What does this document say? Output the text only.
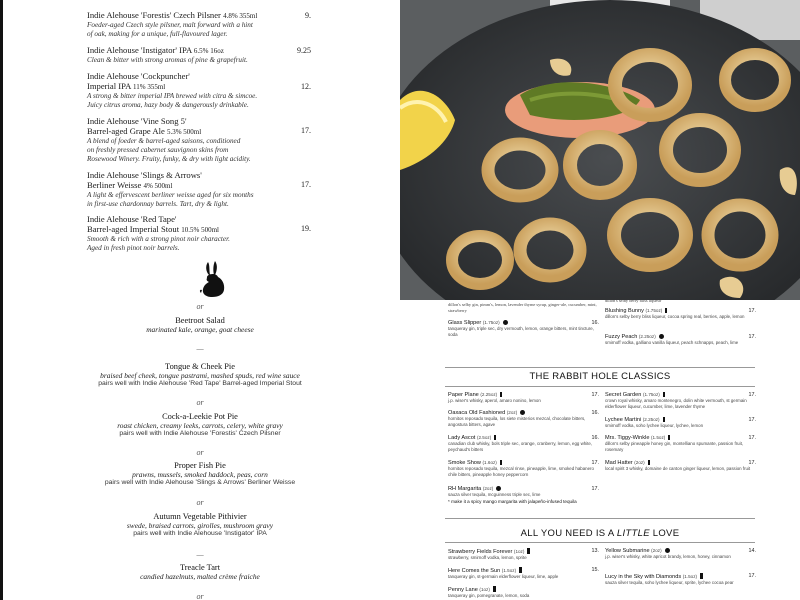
Indie Alehouse 'Forestis' Czech Pilsner 4.8% 355ml
Foeder-aged Czech style pilsner, malt forward with a hint
of oak, making for a unique, full-flavoured lager.
9.
Indie Alehouse 'Instigator' IPA 6.5% 16oz
Clean & bitter with strong aromas of pine & grapefruit.
9.25
Indie Alehouse 'Cockpuncher'
Imperial IPA 11% 355ml
A strong & bitter imperial IPA brewed with citra & simcoe.
Juicy citrus aroma, hazy body & dangerously drinkable.
12.
Indie Alehouse 'Vine Song 5'
Barrel-aged Grape Ale 5.3% 500ml
A blend of foeder & barrel-aged saisons, conditioned
on freshly pressed cabernet sauvignon skins from
Rosewood Winery. Fruity, funky, & dry with light acidity.
17.
Indie Alehouse 'Slings & Arrows'
Berliner Weisse 4% 500ml
A light & effervescent berliner weisse aged for six months
in first-use chardonnay barrels. Tart, dry & light.
17.
Indie Alehouse 'Red Tape'
Barrel-aged Imperial Stout 10.5% 500ml
Smooth & rich with a strong pinot noir character.
Aged in fresh pinot noir barrels.
19.
or
Beetroot Salad
marinated kale, orange, goat cheese
—
Tongue & Cheek Pie
braised beef cheek, tongue pastrami, mashed spuds, red wine sauce
pairs well with Indie Alehouse 'Red Tape' Barrel-aged Imperial Stout
or
Cock-a-Leekie Pot Pie
roast chicken, creamy leeks, carrots, celery, white gravy
pairs well with Indie Alehouse 'Forestis' Czech Pilsner
or
Proper Fish Pie
prawns, mussels, smoked haddock, peas, corn
pairs well with Indie Alehouse 'Slings & Arrows' Berliner Weisse
or
Autumn Vegetable Pithivier
swede, braised carrots, girolles, mushroom gravy
pairs well with Indie Alehouse 'Instigator' IPA
—
Treacle Tart
candied hazelnuts, malted crème fraiche
or
dillon's selby gin, pimm's, lemon, lavender thyme syrup, ginger-ale, cucumber, mint, strawberry
dillon's selby berry bliss liqueur
Glass Slipper (1.75oz)
tanqueray gin, triple sec, dry vermouth, lemon, orange bitters, mint tincture, soda
16.
Blushing Bunny (1.75oz)
dillon's selby berry bliss liqueur, cocoa spring real, berries, apple, lemon
17.
Fuzzy Peach (2.25oz)
smirnoff vodka, galliano vanilla liqueur, peach schnapps, peach, lime
17.
THE RABBIT HOLE CLASSICS
Paper Plane (2.25oz)
j.p. wiser's whisky, aperol, amaro nonino, lemon
17.
Oaxaca Old Fashioned (2oz)
hornitos reposado tequila, los siete misterios mezcal, chocolate bitters, angostura bitters, agave
16.
Lady Ascot (2.5oz)
canadian club whisky, bols triple sec, orange, cranberry, lemon, egg white, peychaud's bitters
16.
Smoke Show (1.6oz)
hornitos reposado tequila, mezcal rinse, pineapple, lime, smoked habanero chile bitters, pineapple honey peppercorn
17.
RH Margarita (2oz)
sauza silver tequila, mcguinness triple sec, lime
17.
* make it a spicy mango margarita with jalapeño-infused tequila
Secret Garden (1.75oz)
crown royal whisky, amaro montenegro, dolin white vermouth, st germain elderflower liqueur, cucumber, lime, lavender thyme
17.
Lychee Martini (2.25oz)
smirnoff vodka, soho lychee liqueur, lychee, lemon
17.
Mrs. Tiggy-Winkle (1.5oz)
dillon's selby pineapple honey gin, montelliano spumante, passion fruit, rosemary
17.
Mad Hatter (2oz)
local spirit 3 whisky, domaine de canton ginger liqueur, lemon, passion fruit
17.
ALL YOU NEED IS A LITTLE LOVE
Strawberry Fields Forever (1oz)
strawberry, smirnoff vodka, lemon, sprite
13.
Here Comes the Sun (1.5oz)
tanqueray gin, st-germain elderflower liqueur, lime, apple
15.
Penny Lane (1oz)
tanqueray gin, pomegranate, lemon, soda
Yellow Submarine (2oz)
j.p. wiser's whisky, white apricot brandy, lemon, honey, cinnamon
14.
Lucy in the Sky with Diamonds (1.5oz)
sauza silver tequila, soho lychee liqueur, sprite, lychee cocoa pear
17.
